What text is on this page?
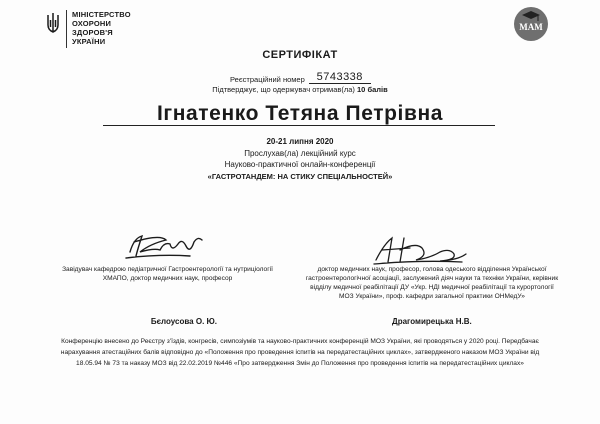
МІНІСТЕРСТВО
ОХОРОНИ
ЗДОРОВ'Я
УКРАЇНИ
MAM
СЕРТИФІКАТ
Реєстраційний номер 5743338
Підтверджує, що одержувач отримав(ла) 10 балів
Ігнатенко Тетяна Петрівна
20-21 липня 2020
Прослухав(ла) лекційний курс
Науково-практичної онлайн-конференції
«ГАСТРОТАНДЕМ: НА СТИКУ СПЕЦІАЛЬНОСТЕЙ»
Завідувач кафедрою педіатричної Гастроентерології та нутриціології ХМАПО, доктор медичних наук, професор
доктор медичних наук, професор, голова одеського відділення Української гастроентерологічної асоціації, заслужений діяч науки та техніки України, керівник відділу медичної реабілітації ДУ «Укр. НДІ медичної реабілітації та курортології МОЗ України», проф. кафедри загальної практики ОНМедУ»
Бєлоусова О. Ю.	Драгомирецька Н.В.
Конференцію внесено до Реєстру з'їздів, конгресів, симпозіумів та науково-практичних конференцій МОЗ України, які проводяться у 2020 році. Передбачає нарахування атестаційних балів відповідно до «Положення про проведення іспитів на передатестаційних циклах», затвердженого наказом МОЗ України від 18.05.94 № 73 та наказу МОЗ від 22.02.2019 №446 «Про затвердження Змін до Положення про проведення іспитів на передатестаційних циклах»
